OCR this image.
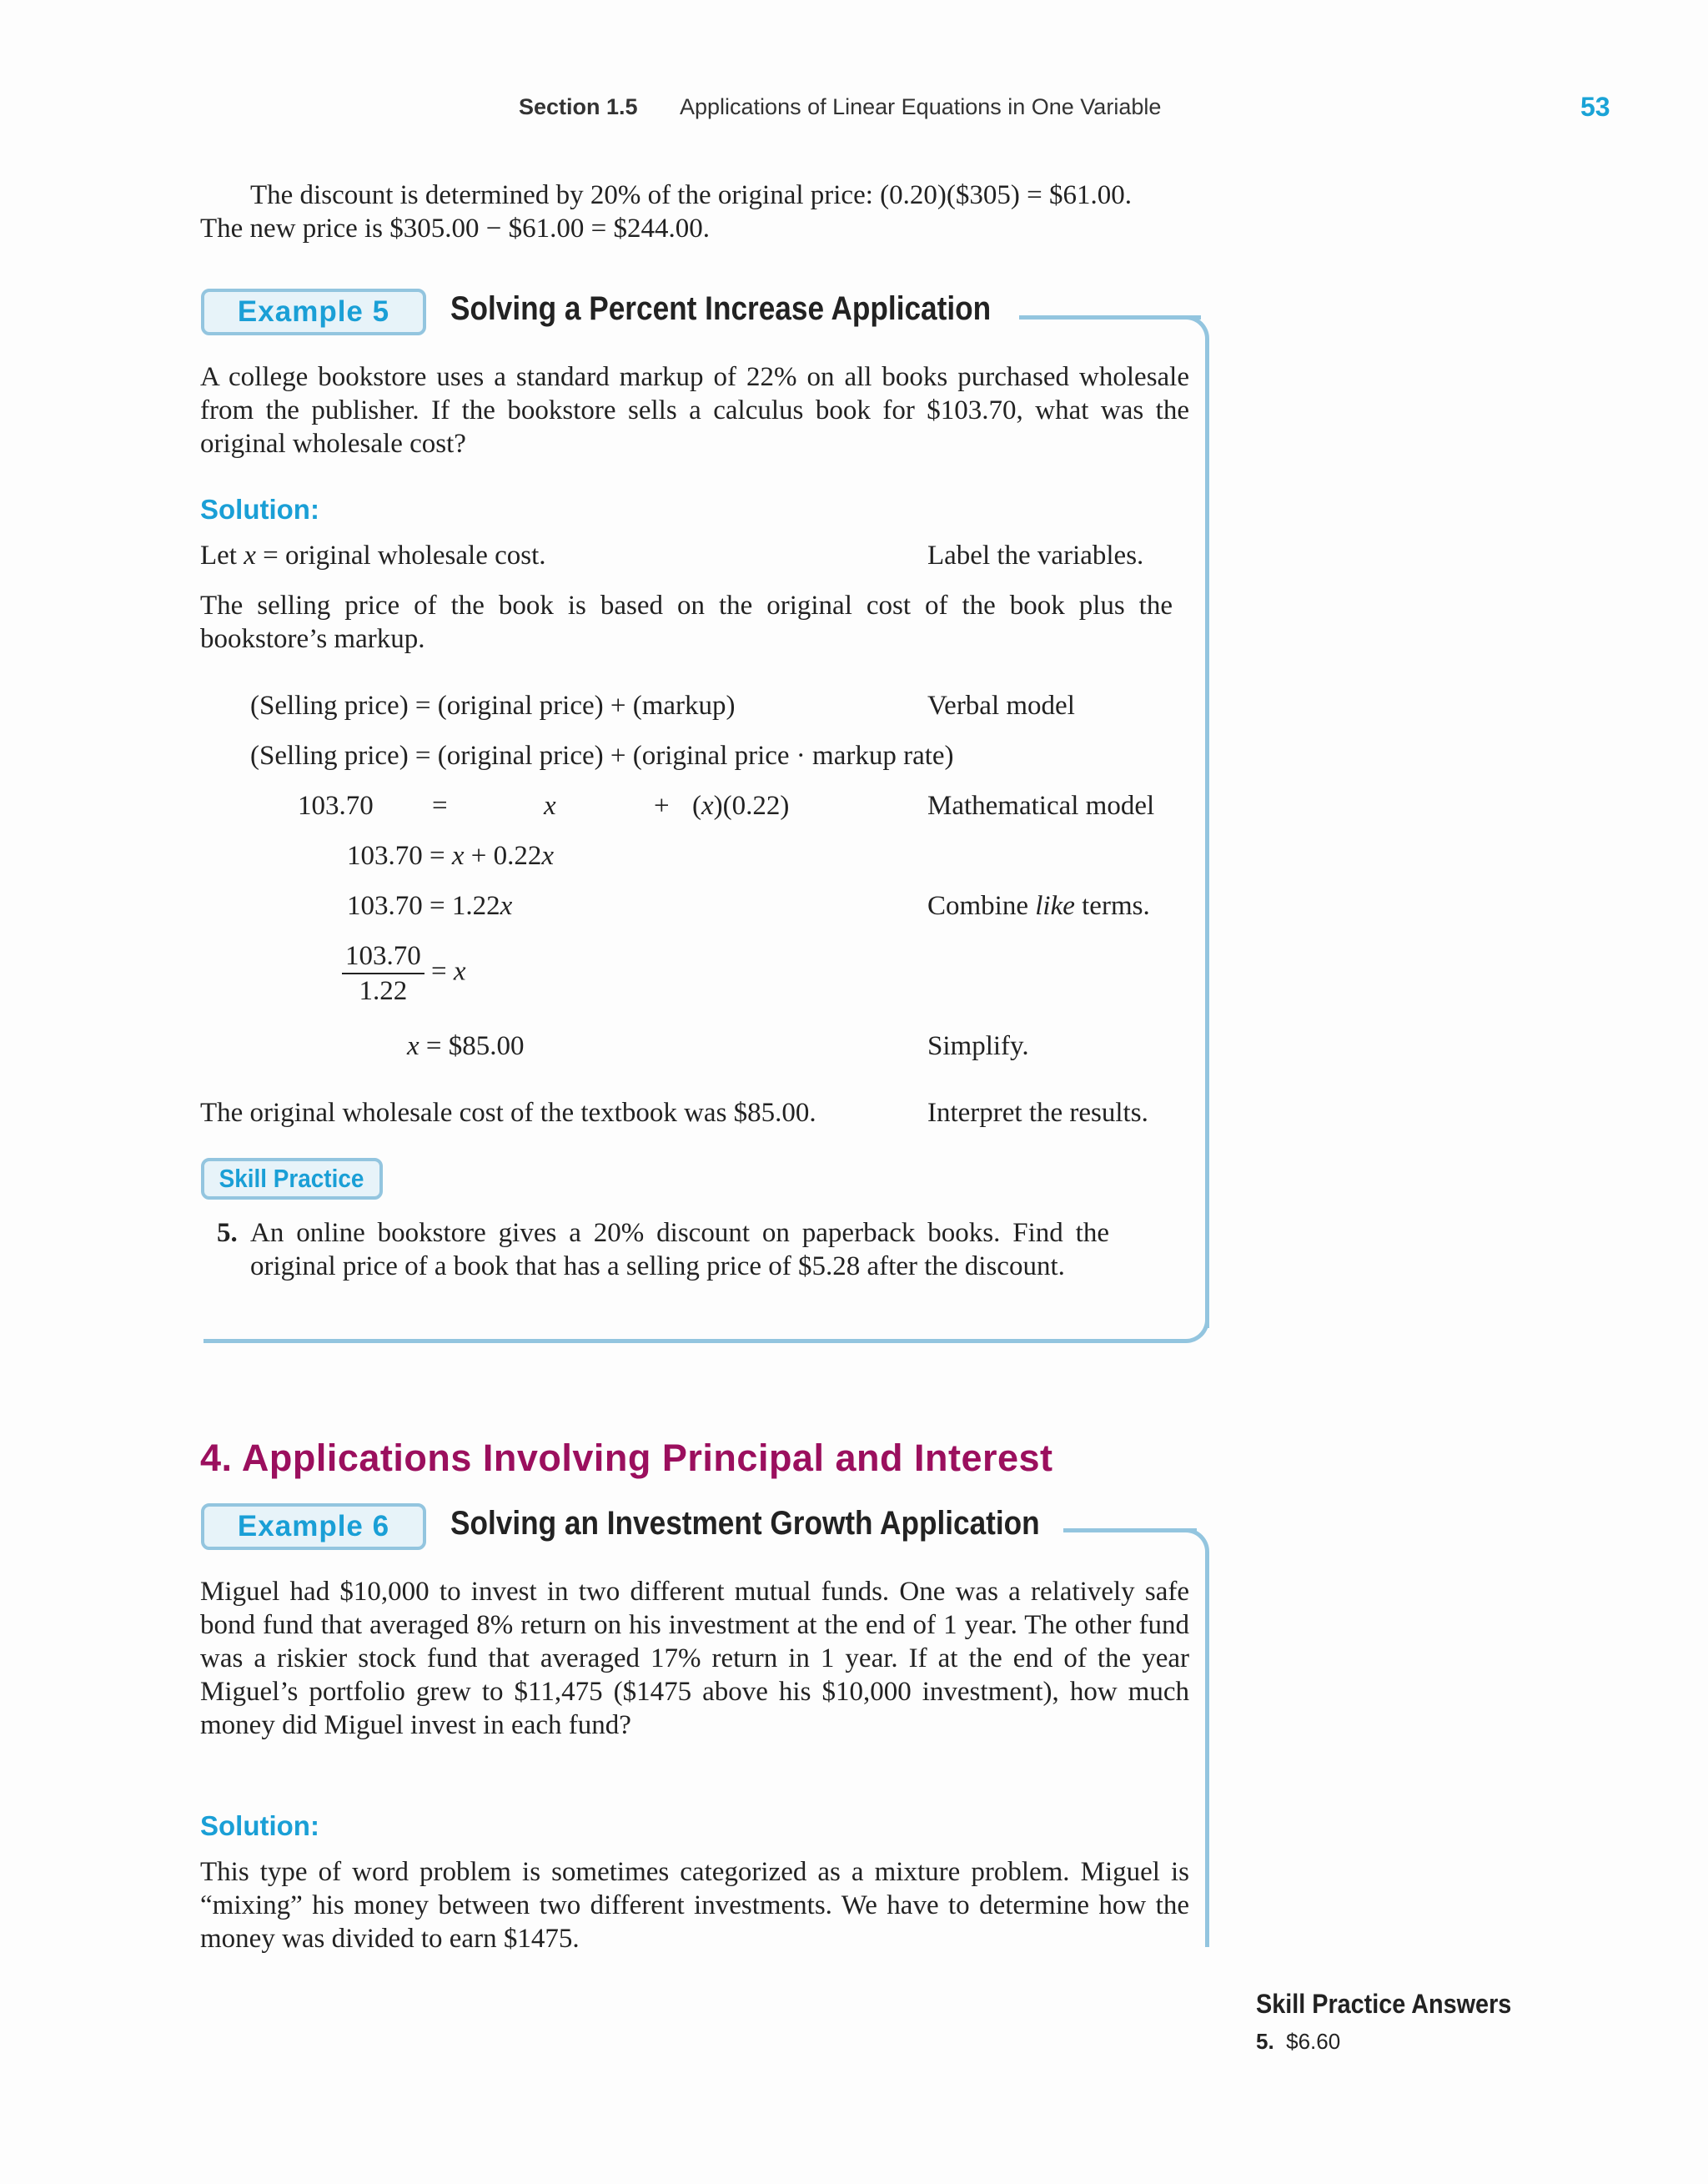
Section 1.5 Applications of Linear Equations in One Variable	53
The discount is determined by 20% of the original price: (0.20)($305) = $61.00.
The new price is $305.00 − $61.00 = $244.00.
Example 5	Solving a Percent Increase Application
A college bookstore uses a standard markup of 22% on all books purchased wholesale from the publisher. If the bookstore sells a calculus book for $103.70, what was the original wholesale cost?
Solution:
Let x = original wholesale cost.	Label the variables.
The selling price of the book is based on the original cost of the book plus the bookstore’s markup.
(Selling price) = (original price) + (markup)	Verbal model
(Selling price) = (original price) + (original price · markup rate)
103.70 =	x	+ (x)(0.22)	Mathematical model
103.70 = x + 0.22x
103.70 = 1.22x	Combine like terms.
$\frac{103.70}{1.22} = x$
x = $85.00	Simplify.
The original wholesale cost of the textbook was $85.00.	Interpret the results.
Skill Practice
5. An online bookstore gives a 20% discount on paperback books. Find the original price of a book that has a selling price of $5.28 after the discount.
4. Applications Involving Principal and Interest
Example 6	Solving an Investment Growth Application
Miguel had $10,000 to invest in two different mutual funds. One was a relatively safe bond fund that averaged 8% return on his investment at the end of 1 year. The other fund was a riskier stock fund that averaged 17% return in 1 year. If at the end of the year Miguel’s portfolio grew to $11,475 ($1475 above his $10,000 investment), how much money did Miguel invest in each fund?
Solution:
This type of word problem is sometimes categorized as a mixture problem. Miguel is “mixing” his money between two different investments. We have to determine how the money was divided to earn $1475.
Skill Practice Answers
5. $6.60
